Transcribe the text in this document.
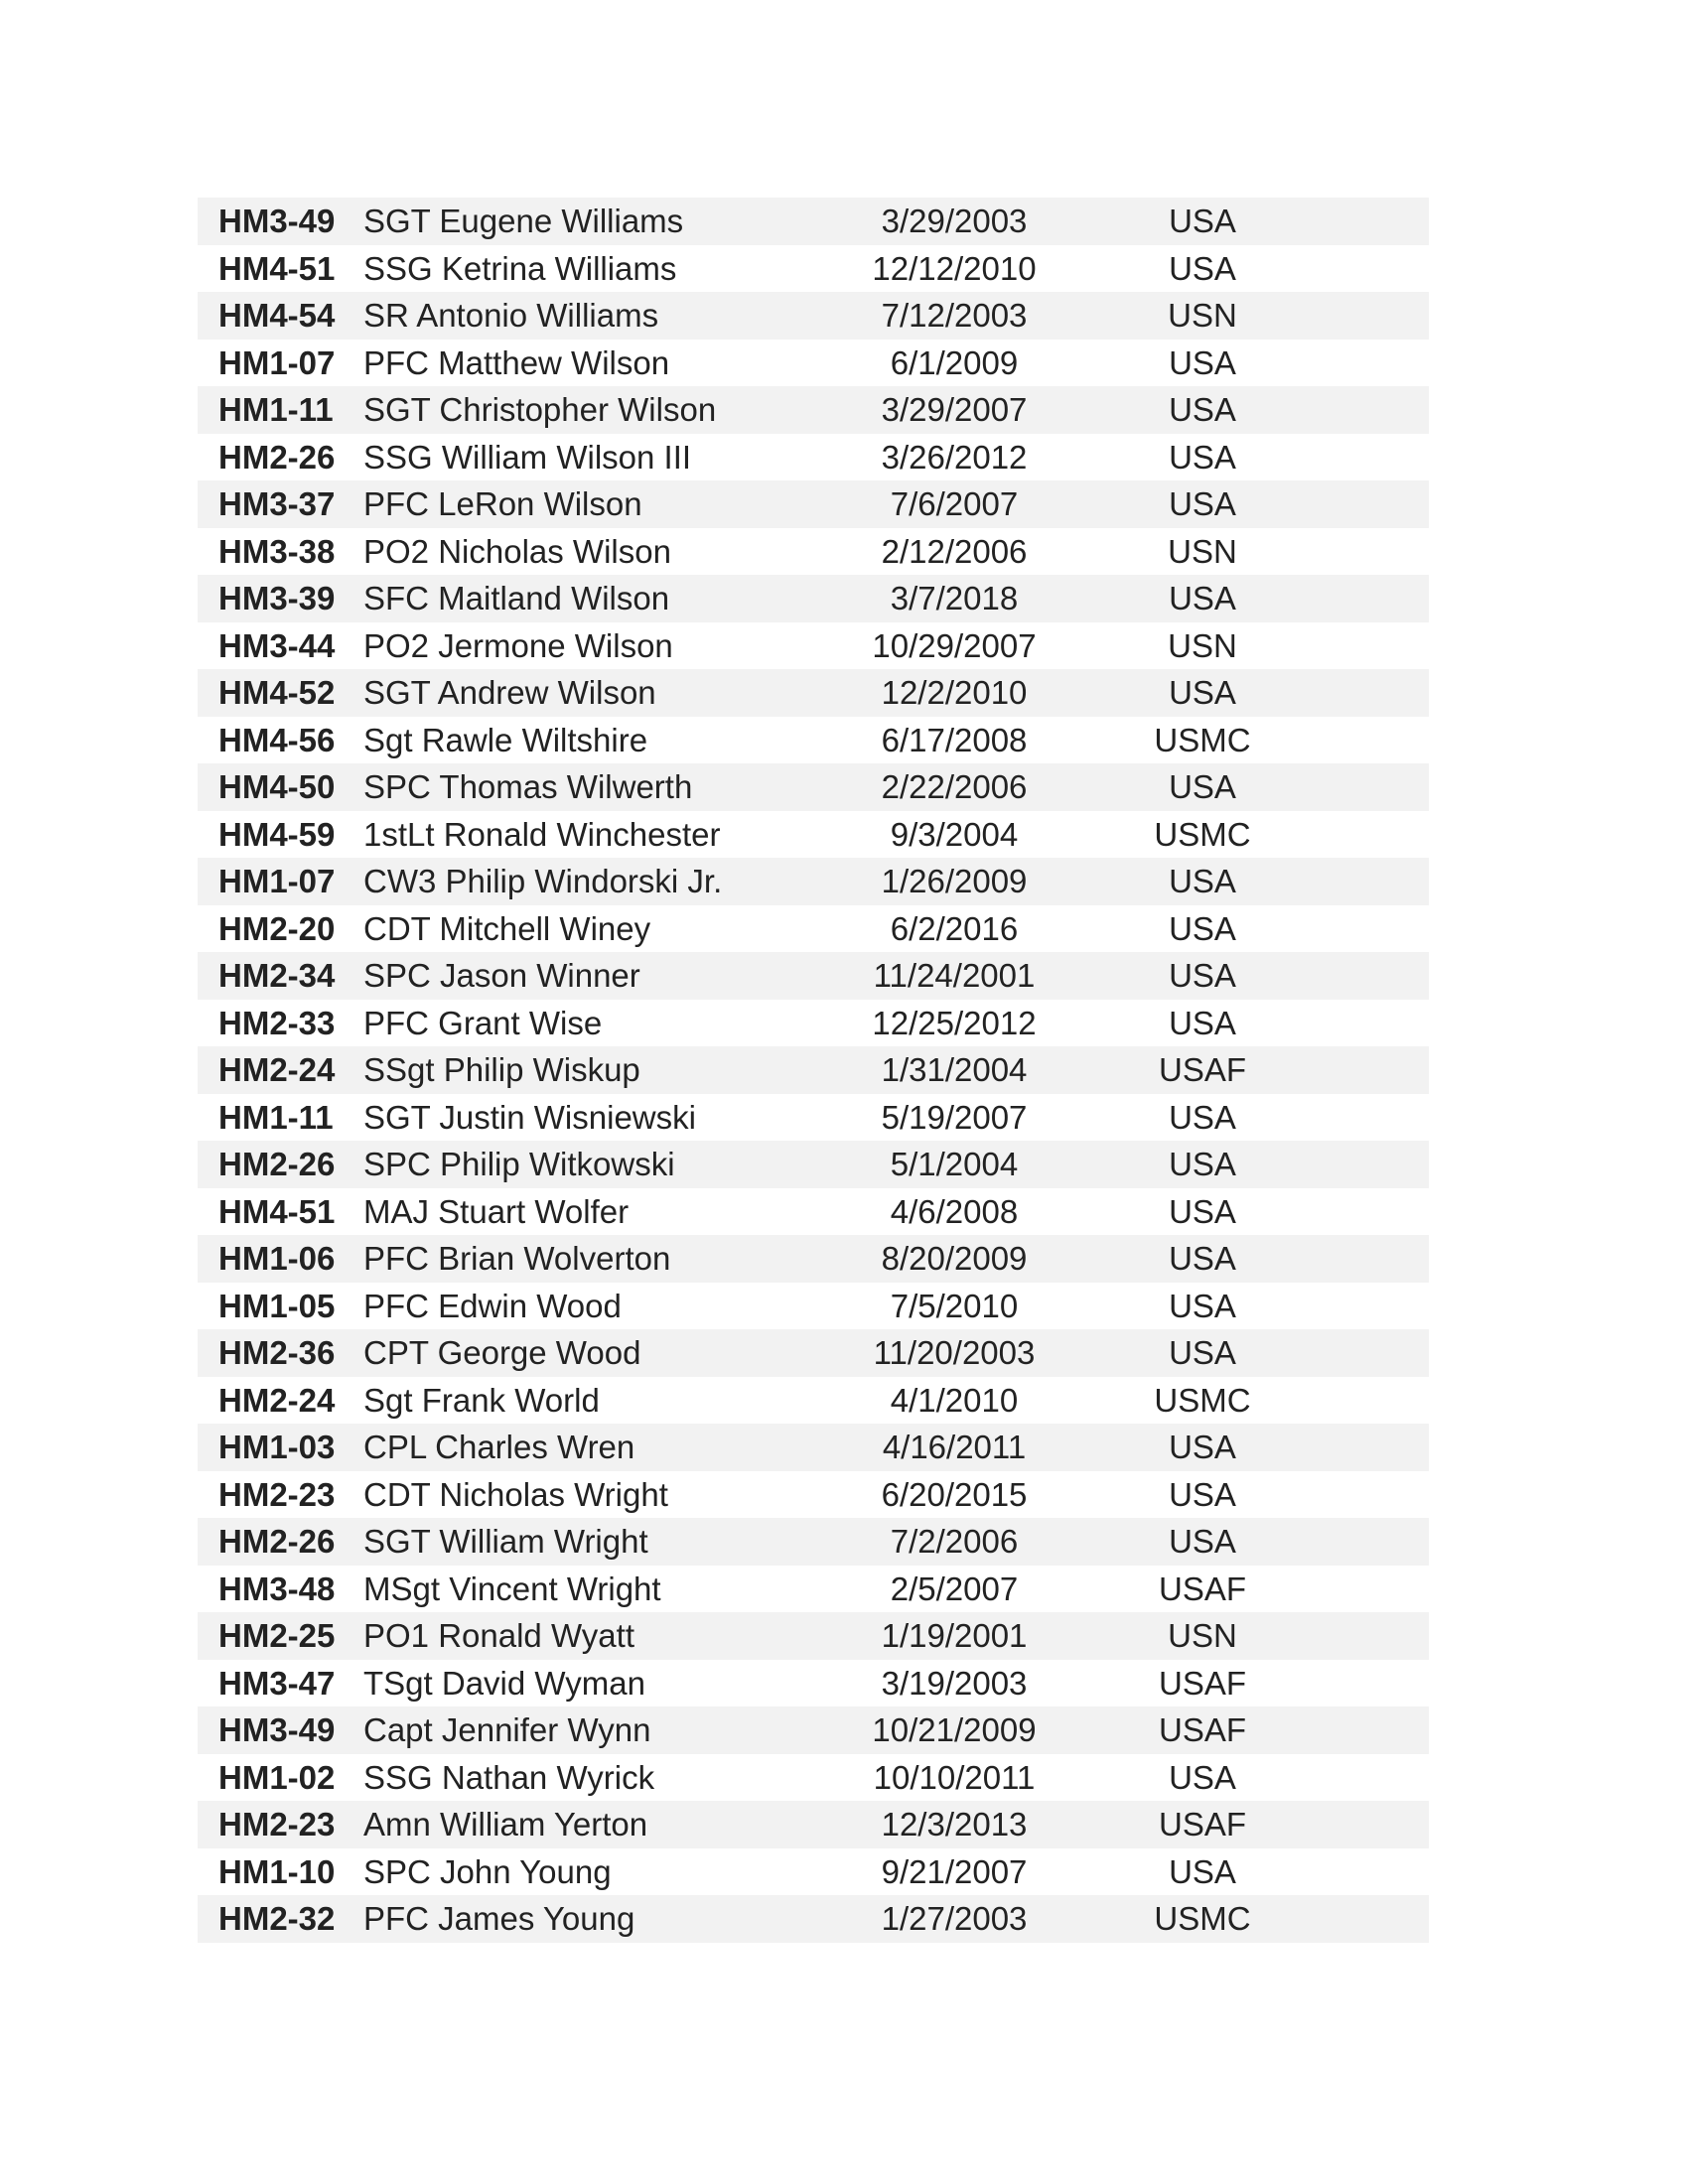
HM3-49 SGT Eugene Williams	3/29/2003	USA
HM4-51 SSG Ketrina Williams	12/12/2010	USA
HM4-54 SR Antonio Williams	7/12/2003	USN
HM1-07 PFC Matthew Wilson	6/1/2009	USA
HM1-11 SGT Christopher Wilson	3/29/2007	USA
HM2-26 SSG William Wilson III	3/26/2012	USA
HM3-37 PFC LeRon Wilson	7/6/2007	USA
HM3-38 PO2 Nicholas Wilson	2/12/2006	USN
HM3-39 SFC Maitland Wilson	3/7/2018	USA
HM3-44 PO2 Jermone Wilson	10/29/2007	USN
HM4-52 SGT Andrew Wilson	12/2/2010	USA
HM4-56 Sgt Rawle Wiltshire	6/17/2008	USMC
HM4-50 SPC Thomas Wilwerth	2/22/2006	USA
HM4-59 1stLt Ronald Winchester	9/3/2004	USMC
HM1-07 CW3 Philip Windorski Jr.	1/26/2009	USA
HM2-20 CDT Mitchell Winey	6/2/2016	USA
HM2-34 SPC Jason Winner	11/24/2001	USA
HM2-33 PFC Grant Wise	12/25/2012	USA
HM2-24 SSgt Philip Wiskup	1/31/2004	USAF
HM1-11 SGT Justin Wisniewski	5/19/2007	USA
HM2-26 SPC Philip Witkowski	5/1/2004	USA
HM4-51 MAJ Stuart Wolfer	4/6/2008	USA
HM1-06 PFC Brian Wolverton	8/20/2009	USA
HM1-05 PFC Edwin Wood	7/5/2010	USA
HM2-36 CPT George Wood	11/20/2003	USA
HM2-24 Sgt Frank World	4/1/2010	USMC
HM1-03 CPL Charles Wren	4/16/2011	USA
HM2-23 CDT Nicholas Wright	6/20/2015	USA
HM2-26 SGT William Wright	7/2/2006	USA
HM3-48 MSgt Vincent Wright	2/5/2007	USAF
HM2-25 PO1 Ronald Wyatt	1/19/2001	USN
HM3-47 TSgt David Wyman	3/19/2003	USAF
HM3-49 Capt Jennifer Wynn	10/21/2009	USAF
HM1-02 SSG Nathan Wyrick	10/10/2011	USA
HM2-23 Amn William Yerton	12/3/2013	USAF
HM1-10 SPC John Young	9/21/2007	USA
HM2-32 PFC James Young	1/27/2003	USMC
